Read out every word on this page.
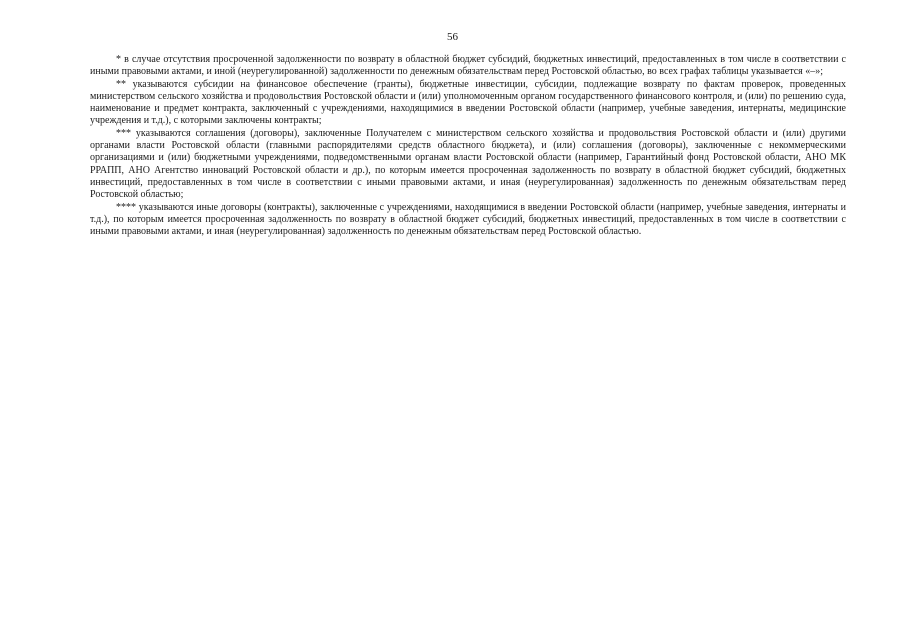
56

* в случае отсутствия просроченной задолженности по возврату в областной бюджет субсидий, бюджетных инвестиций, предоставленных в том числе в соответствии с иными правовыми актами, и иной (неурегулированной) задолженности по денежным обязательствам перед Ростовской областью, во всех графах таблицы указывается «–»;

** указываются субсидии на финансовое обеспечение (гранты), бюджетные инвестиции, субсидии, подлежащие возврату по фактам проверок, проведенных министерством сельского хозяйства и продовольствия Ростовской области и (или) уполномоченным органом государственного финансового контроля, и (или) по решению суда, наименование и предмет контракта, заключенный с учреждениями, находящимися в введении Ростовской области (например, учебные заведения, интернаты, медицинские учреждения и т.д.), с которыми заключены контракты;

*** указываются соглашения (договоры), заключенные Получателем с министерством сельского хозяйства и продовольствия Ростовской области и (или) другими органами власти Ростовской области (главными распорядителями средств областного бюджета), и (или) соглашения (договоры), заключенные с некоммерческими организациями и (или) бюджетными учреждениями, подведомственными органам власти Ростовской области (например, Гарантийный фонд Ростовской области, АНО МК РРАПП, АНО Агентство инноваций Ростовской области и др.), по которым имеется просроченная задолженность по возврату в областной бюджет субсидий, бюджетных инвестиций, предоставленных в том числе в соответствии с иными правовыми актами, и иная (неурегулированная) задолженность по денежным обязательствам перед Ростовской областью;

**** указываются иные договоры (контракты), заключенные с учреждениями, находящимися в введении Ростовской области (например, учебные заведения, интернаты и т.д.), по которым имеется просроченная задолженность по возврату в областной бюджет субсидий, бюджетных инвестиций, предоставленных в том числе в соответствии с иными правовыми актами, и иная (неурегулированная) задолженность по денежным обязательствам перед Ростовской областью.
